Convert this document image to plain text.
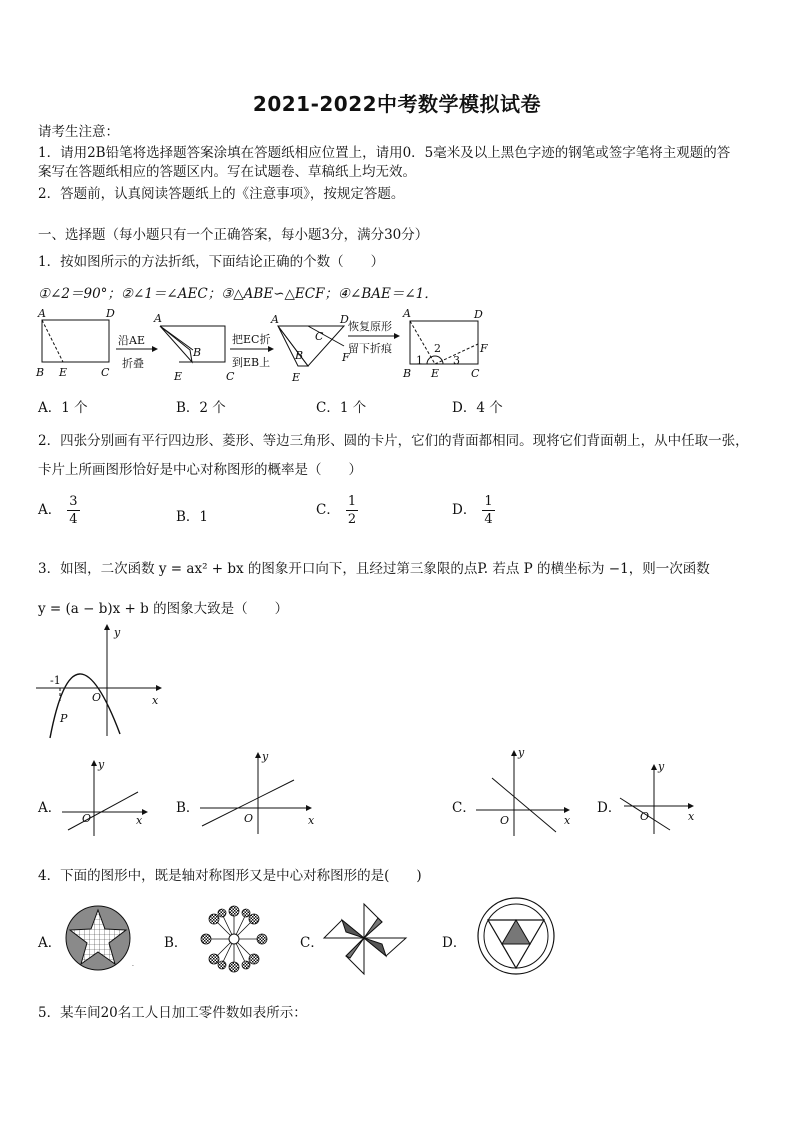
2021-2022中考数学模拟试卷
请考生注意：
1．请用2B铅笔将选择题答案涂填在答题纸相应位置上，请用0．5毫米及以上黑色字迹的钢笔或签字笔将主观题的答
案写在答题纸相应的答题区内。写在试题卷、草稿纸上均无效。
2．答题前，认真阅读答题纸上的《注意事项》，按规定答题。
一、选择题（每小题只有一个正确答案，每小题3分，满分30分）
1．按如图所示的方法折纸，下面结论正确的个数（　　）
①∠2＝90°；②∠1＝∠AEC；③△ABE∽△ECF；④∠BAE＝∠1．
A	D
B E	C
沿AE
折叠
A
B
E	C
把EC折
到EB上
A	D
C
B	F
E
恢复原形
留下折痕
A	D
F
B E	C
1
2
3
A．1 个	B．2 个	C．1 个	D．4 个
2．四张分别画有平行四边形、菱形、等边三角形、圆的卡片，它们的背面都相同。现将它们背面朝上，从中任取一张，
卡片上所画图形恰好是中心对称图形的概率是（　　）
A． $\frac{3}{4}$	B．1	C． $\frac{1}{2}$	D． $\frac{1}{4}$
3．如图，二次函数 y = ax² + bx 的图象开口向下，且经过第三象限的点P. 若点 P 的横坐标为 −1，则一次函数
y = (a − b)x + b 的图象大致是（　　）
y
x
O
-1
P
A．
y
x
O
B．
y
x
O
C．
y
x
O
D．
y
x
O
4．下面的图形中，既是轴对称图形又是中心对称图形的是(　　)
A．
·
B．	C．	D．
5．某车间20名工人日加工零件数如表所示：
